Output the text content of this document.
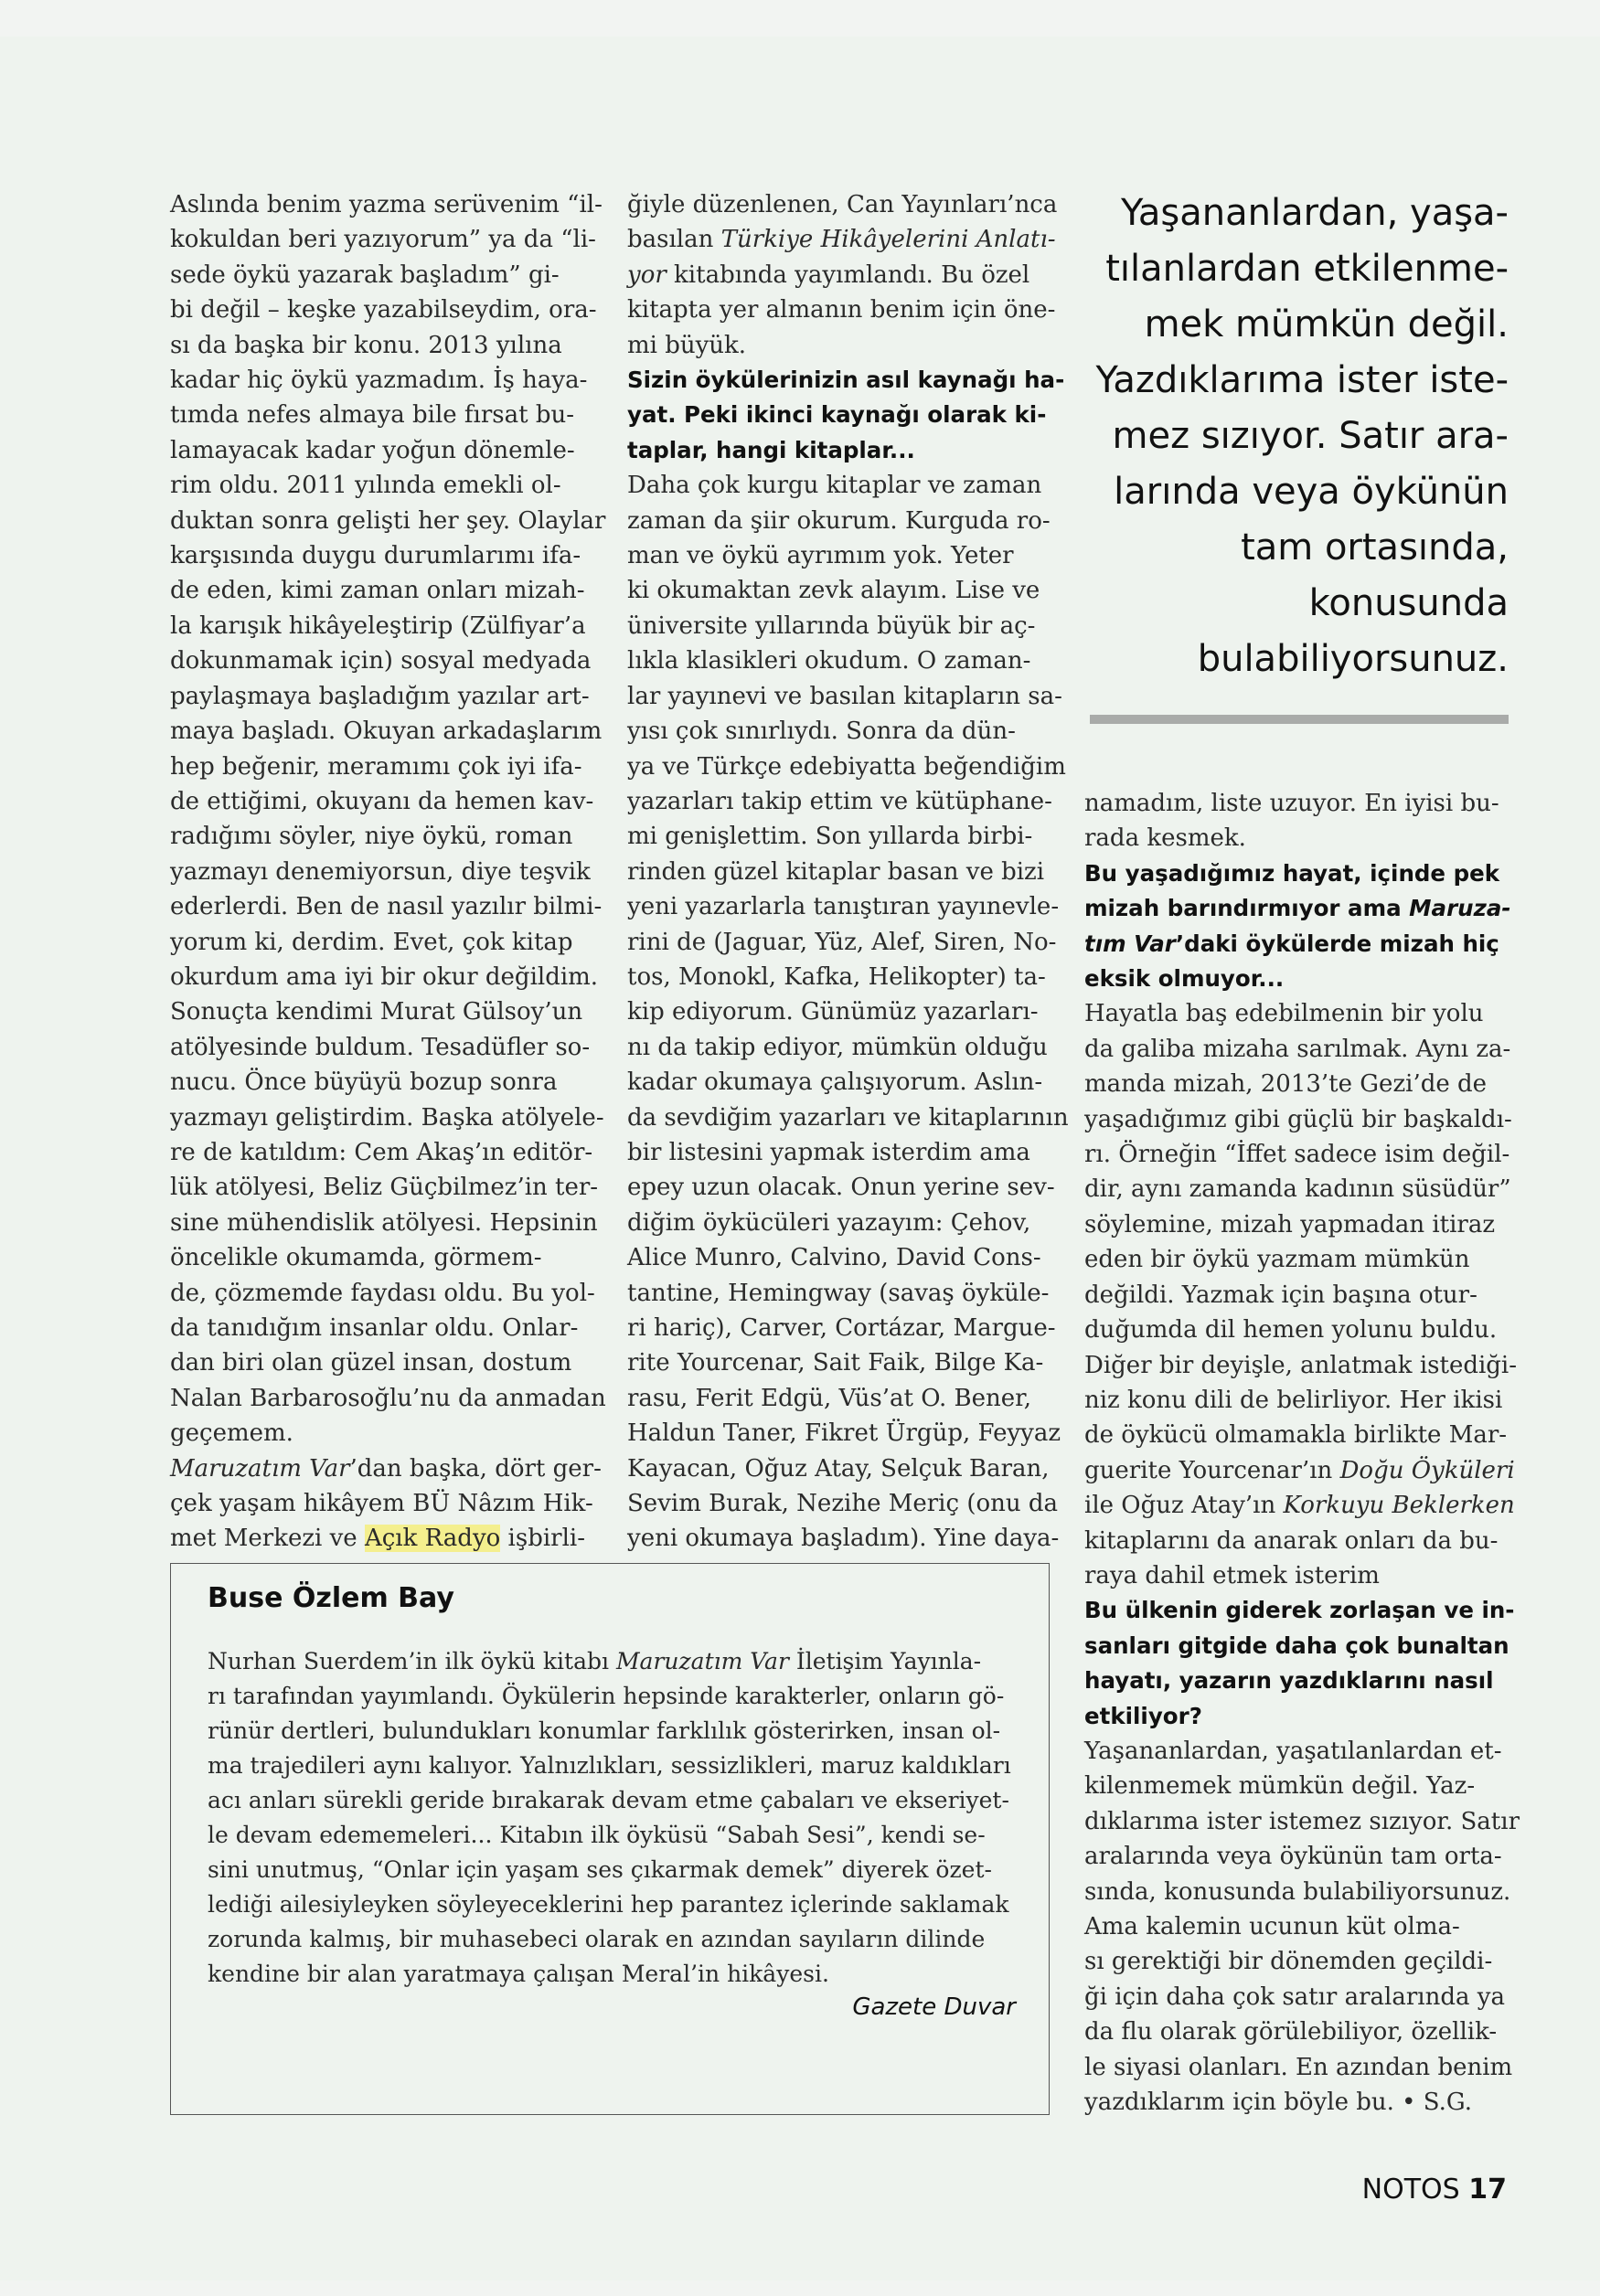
Aslında benim yazma serüvenim “il-

kokuldan beri yazıyorum” ya da “li-

sede öykü yazarak başladım” gi-

bi değil – keşke yazabilseydim, ora-

sı da başka bir konu. 2013 yılına

kadar hiç öykü yazmadım. İş haya-

tımda nefes almaya bile fırsat bu-

lamayacak kadar yoğun dönemle-

rim oldu. 2011 yılında emekli ol-

duktan sonra gelişti her şey. Olaylar

karşısında duygu durumlarımı ifa-

de eden, kimi zaman onları mizah-

la karışık hikâyeleştirip (Zülfiyar’a

dokunmamak için) sosyal medyada

paylaşmaya başladığım yazılar art-

maya başladı. Okuyan arkadaşlarım

hep beğenir, meramımı çok iyi ifa-

de ettiğimi, okuyanı da hemen kav-

radığımı söyler, niye öykü, roman

yazmayı denemiyorsun, diye teşvik

ederlerdi. Ben de nasıl yazılır bilmi-

yorum ki, derdim. Evet, çok kitap

okurdum ama iyi bir okur değildim.

Sonuçta kendimi Murat Gülsoy’un

atölyesinde buldum. Tesadüfler so-

nucu. Önce büyüyü bozup sonra

yazmayı geliştirdim. Başka atölyele-

re de katıldım: Cem Akaş’ın editör-

lük atölyesi, Beliz Güçbilmez’in ter-

sine mühendislik atölyesi. Hepsinin

öncelikle okumamda, görmem-

de, çözmemde faydası oldu. Bu yol-

da tanıdığım insanlar oldu. Onlar-

dan biri olan güzel insan, dostum

Nalan Barbarosoğlu’nu da anmadan

geçemem.

Maruzatım Var’dan başka, dört ger-

çek yaşam hikâyem BÜ Nâzım Hik-

met Merkezi ve Açık Radyo işbirli-

ğiyle düzenlenen, Can Yayınları’nca

basılan Türkiye Hikâyelerini Anlatı-

yor kitabında yayımlandı. Bu özel

kitapta yer almanın benim için öne-

mi büyük.

Sizin öykülerinizin asıl kaynağı ha-

yat. Peki ikinci kaynağı olarak ki-

taplar, hangi kitaplar...

Daha çok kurgu kitaplar ve zaman

zaman da şiir okurum. Kurguda ro-

man ve öykü ayrımım yok. Yeter

ki okumaktan zevk alayım. Lise ve

üniversite yıllarında büyük bir aç-

lıkla klasikleri okudum. O zaman-

lar yayınevi ve basılan kitapların sa-

yısı çok sınırlıydı. Sonra da dün-

ya ve Türkçe edebiyatta beğendiğim

yazarları takip ettim ve kütüphane-

mi genişlettim. Son yıllarda birbi-

rinden güzel kitaplar basan ve bizi

yeni yazarlarla tanıştıran yayınevle-

rini de (Jaguar, Yüz, Alef, Siren, No-

tos, Monokl, Kafka, Helikopter) ta-

kip ediyorum. Günümüz yazarları-

nı da takip ediyor, mümkün olduğu

kadar okumaya çalışıyorum. Aslın-

da sevdiğim yazarları ve kitaplarının

bir listesini yapmak isterdim ama

epey uzun olacak. Onun yerine sev-

diğim öykücüleri yazayım: Çehov,

Alice Munro, Calvino, David Cons-

tantine, Hemingway (savaş öyküle-

ri hariç), Carver, Cortázar, Margue-

rite Yourcenar, Sait Faik, Bilge Ka-

rasu, Ferit Edgü, Vüs’at O. Bener,

Haldun Taner, Fikret Ürgüp, Feyyaz

Kayacan, Oğuz Atay, Selçuk Baran,

Sevim Burak, Nezihe Meriç (onu da

yeni okumaya başladım). Yine daya-

Yaşananlardan, yaşa-

tılanlardan etkilenme-

mek mümkün değil.

Yazdıklarıma ister iste-

mez sızıyor. Satır ara-

larında veya öykünün

tam ortasında,

konusunda

bulabiliyorsunuz.

namadım, liste uzuyor. En iyisi bu-

rada kesmek.

Bu yaşadığımız hayat, içinde pek

mizah barındırmıyor ama Maruza-

tım Var’daki öykülerde mizah hiç

eksik olmuyor...

Hayatla baş edebilmenin bir yolu

da galiba mizaha sarılmak. Aynı za-

manda mizah, 2013’te Gezi’de de

yaşadığımız gibi güçlü bir başkaldı-

rı. Örneğin “İffet sadece isim değil-

dir, aynı zamanda kadının süsüdür”

söylemine, mizah yapmadan itiraz

eden bir öykü yazmam mümkün

değildi. Yazmak için başına otur-

duğumda dil hemen yolunu buldu.

Diğer bir deyişle, anlatmak istediği-

niz konu dili de belirliyor. Her ikisi

de öykücü olmamakla birlikte Mar-

guerite Yourcenar’ın Doğu Öyküleri

ile Oğuz Atay’ın Korkuyu Beklerken

kitaplarını da anarak onları da bu-

raya dahil etmek isterim

Bu ülkenin giderek zorlaşan ve in-

sanları gitgide daha çok bunaltan

hayatı, yazarın yazdıklarını nasıl

etkiliyor?

Yaşananlardan, yaşatılanlardan et-

kilenmemek mümkün değil. Yaz-

dıklarıma ister istemez sızıyor. Satır

aralarında veya öykünün tam orta-

sında, konusunda bulabiliyorsunuz.

Ama kalemin ucunun küt olma-

sı gerektiği bir dönemden geçildi-

ği için daha çok satır aralarında ya

da flu olarak görülebiliyor, özellik-

le siyasi olanları. En azından benim

yazdıklarım için böyle bu. • S.G.

Buse Özlem Bay

Nurhan Suerdem’in ilk öykü kitabı Maruzatım Var İletişim Yayınla-

rı tarafından yayımlandı. Öykülerin hepsinde karakterler, onların gö-

rünür dertleri, bulundukları konumlar farklılık gösterirken, insan ol-

ma trajedileri aynı kalıyor. Yalnızlıkları, sessizlikleri, maruz kaldıkları

acı anları sürekli geride bırakarak devam etme çabaları ve ekseriyet-

le devam edememeleri... Kitabın ilk öyküsü “Sabah Sesi”, kendi se-

sini unutmuş, “Onlar için yaşam ses çıkarmak demek” diyerek özet-

lediği ailesiyleyken söyleyeceklerini hep parantez içlerinde saklamak

zorunda kalmış, bir muhasebeci olarak en azından sayıların dilinde

kendine bir alan yaratmaya çalışan Meral’in hikâyesi.

Gazete Duvar
NOTOS 17
